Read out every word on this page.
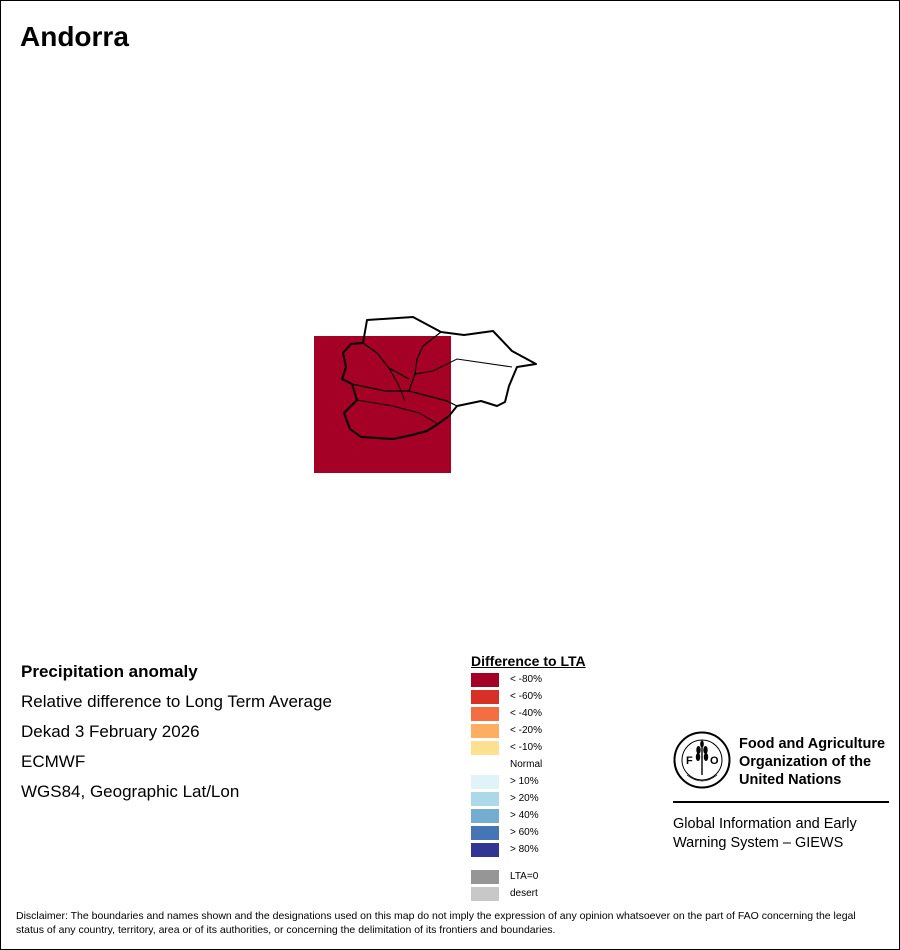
Andorra
Precipitation anomaly
Relative difference to Long Term Average
Dekad 3 February 2026
ECMWF
WGS84, Geographic Lat/Lon
Difference to LTA
< -80%
< -60%
< -40%
< -20%
< -10%
Normal
> 10%
> 20%
> 40%
> 60%
> 80%
LTA=0
desert
F O
Food and Agriculture
Organization of the
United Nations
Global Information and Early
Warning System – GIEWS
Disclaimer: The boundaries and names shown and the designations used on this map do not imply the expression of any opinion whatsoever on the part of FAO concerning the legal status of any country, territory, area or of its authorities, or concerning the delimitation of its frontiers and boundaries.
